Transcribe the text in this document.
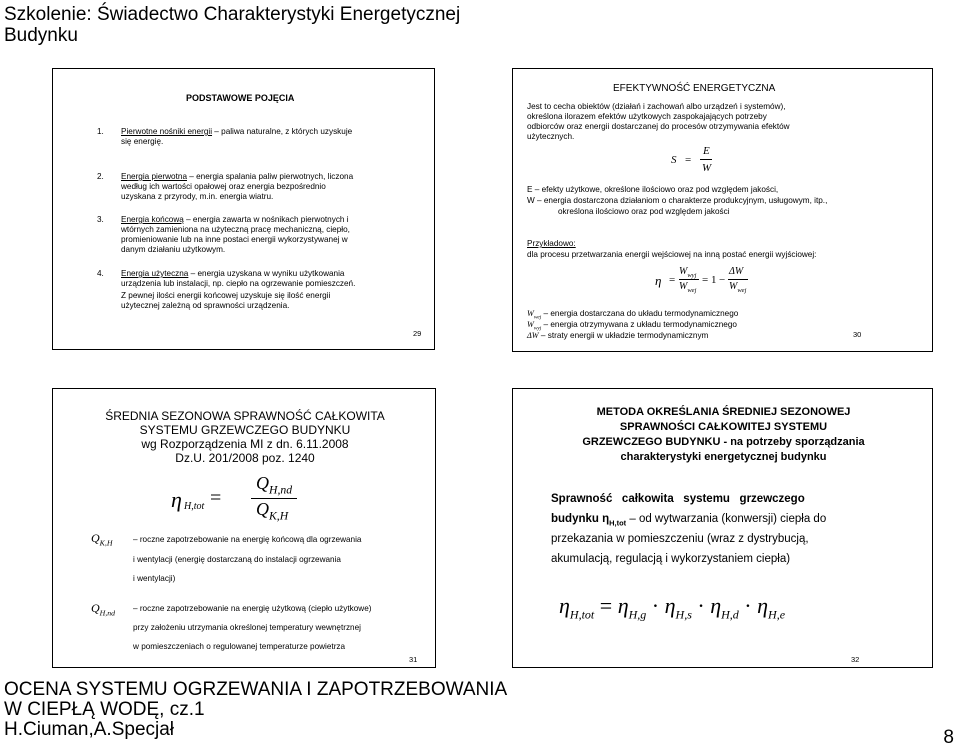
Szkolenie: Świadectwo Charakterystyki Energetycznej
Budynku
PODSTAWOWE POJĘCIA
1. Pierwotne nośniki energii – paliwa naturalne, z których uzyskuje
się energię.
2. Energia pierwotna – energia spalania paliw pierwotnych, liczona
według ich wartości opałowej oraz energia bezpośrednio
uzyskana z przyrody, m.in. energia wiatru.
3. Energia końcową – energia zawarta w nośnikach pierwotnych i
wtórnych zamieniona na użyteczną pracę mechaniczną, ciepło,
promieniowanie lub na inne postaci energii wykorzystywanej w
danym działaniu użytkowym.
4. Energia użyteczna – energia uzyskana w wyniku użytkowania
urządzenia lub instalacji, np. ciepło na ogrzewanie pomieszczeń.
Z pewnej ilości energii końcowej uzyskuje się ilość energii
użytecznej zależną od sprawności urządzenia.
29
EFEKTYWNOŚĆ ENERGETYCZNA
Jest to cecha obiektów (działań i zachowań albo urządzeń i systemów),
określona ilorazem efektów użytkowych zaspokajających potrzeby
odbiorców oraz energii dostarczanej do procesów otrzymywania efektów
użytecznych.
S =
E
W
E – efekty użytkowe, określone ilościowo oraz pod względem jakości,
W – energia dostarczona działaniom o charakterze produkcyjnym, usługowym, itp.,
określona ilościowo oraz pod względem jakości
Przykładowo:
dla procesu przetwarzania energii wejściowej na inną postać energii wyjściowej:
η =
$W_{wyj}$
$W_{wej}$
= 1 −
ΔW
$W_{wej}$
$W_{wej}$ – energia dostarczana do układu termodynamicznego
$W_{wyj}$ – energia otrzymywana z układu termodynamicznego
ΔW – straty energii w układzie termodynamicznym	30
ŚREDNIA SEZONOWA SPRAWNOŚĆ CAŁKOWITA
SYSTEMU GRZEWCZEGO BUDYNKU
wg Rozporządzenia MI z dn. 6.11.2008
Dz.U. 201/2008 poz. 1240
η H,tot =
$Q_{H,nd}$
$Q_{K,H}$
$Q_{K,H}$	– roczne zapotrzebowanie na energię końcową dla ogrzewania
i wentylacji (energię dostarczaną do instalacji ogrzewania
i wentylacji)
$Q_{H,nd}$ – roczne zapotrzebowanie na energię użytkową (ciepło użytkowe)
przy założeniu utrzymania określonej temperatury wewnętrznej
w pomieszczeniach o regulowanej temperaturze powietrza
31
METODA OKREŚLANIA ŚREDNIEJ SEZONOWEJ
SPRAWNOŚCI CAŁKOWITEJ SYSTEMU
GRZEWCZEGO BUDYNKU - na potrzeby sporządzania
charakterystyki energetycznej budynku
Sprawność   całkowita   systemu   grzewczego
budynku $\eta_{H,tot}$ – od wytwarzania (konwersji) ciepła do
przekazania w pomieszczeniu (wraz z dystrybucją,
akumulacją, regulacją i wykorzystaniem ciepła)
$\eta_{H,tot} = \eta_{H,g} \cdot \eta_{H,s} \cdot \eta_{H,d} \cdot \eta_{H,e}$
32
OCENA SYSTEMU OGRZEWANIA I ZAPOTRZEBOWANIA
W CIEPŁĄ WODĘ, cz.1
H.Ciuman,A.Specjał	8
